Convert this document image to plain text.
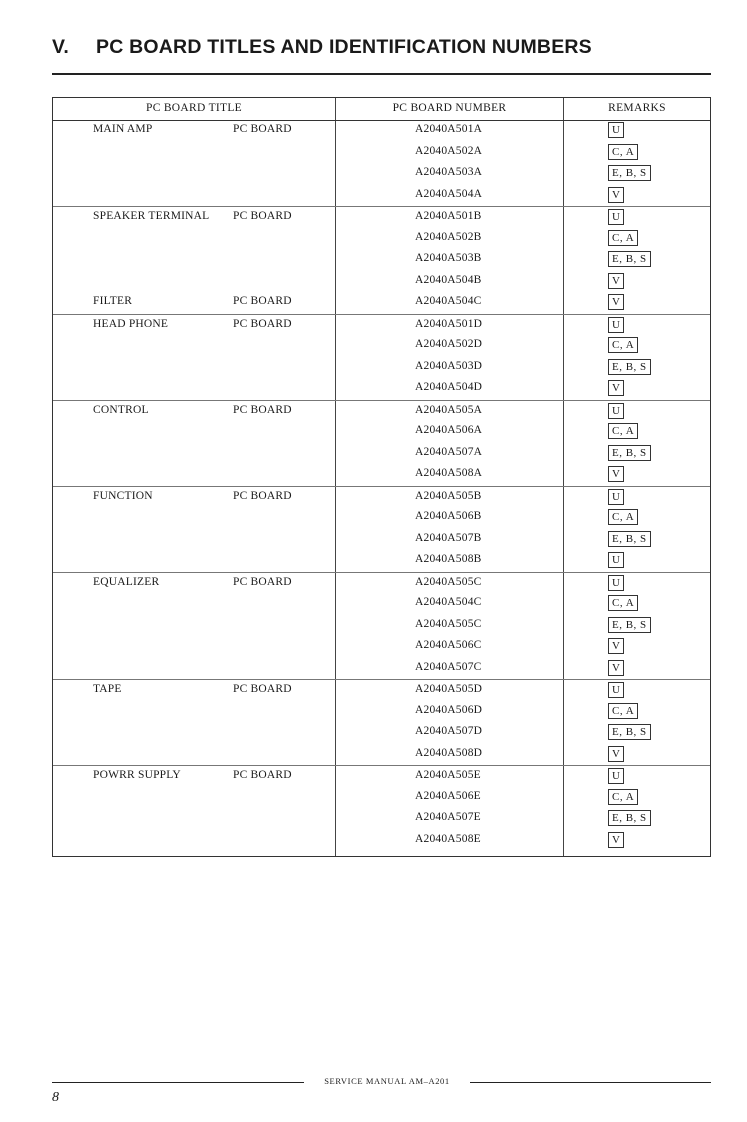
V. PC BOARD TITLES AND IDENTIFICATION NUMBERS
PC BOARD TITLE	PC BOARD NUMBER	REMARKS
MAIN AMP	PC BOARD	A2040A501A	U
A2040A502A	C, A
A2040A503A	E, B, S
A2040A504A	V
SPEAKER TERMINAL PC BOARD	A2040A501B	U
A2040A502B	C, A
A2040A503B	E, B, S
A2040A504B	V
FILTER	PC BOARD	A2040A504C	V
HEAD PHONE	PC BOARD	A2040A501D	U
A2040A502D	C, A
A2040A503D	E, B, S
A2040A504D	V
CONTROL	PC BOARD	A2040A505A	U
A2040A506A	C, A
A2040A507A	E, B, S
A2040A508A	V
FUNCTION	PC BOARD	A2040A505B	U
A2040A506B	C, A
A2040A507B	E, B, S
A2040A508B	U
EQUALIZER	PC BOARD	A2040A505C	U
A2040A504C	C, A
A2040A505C	E, B, S
A2040A506C	V
A2040A507C	V
TAPE	PC BOARD	A2040A505D	U
A2040A506D	C, A
A2040A507D	E, B, S
A2040A508D	V
POWRR SUPPLY	PC BOARD	A2040A505E	U
A2040A506E	C, A
A2040A507E	E, B, S
A2040A508E	V
SERVICE MANUAL AM–A201
8
